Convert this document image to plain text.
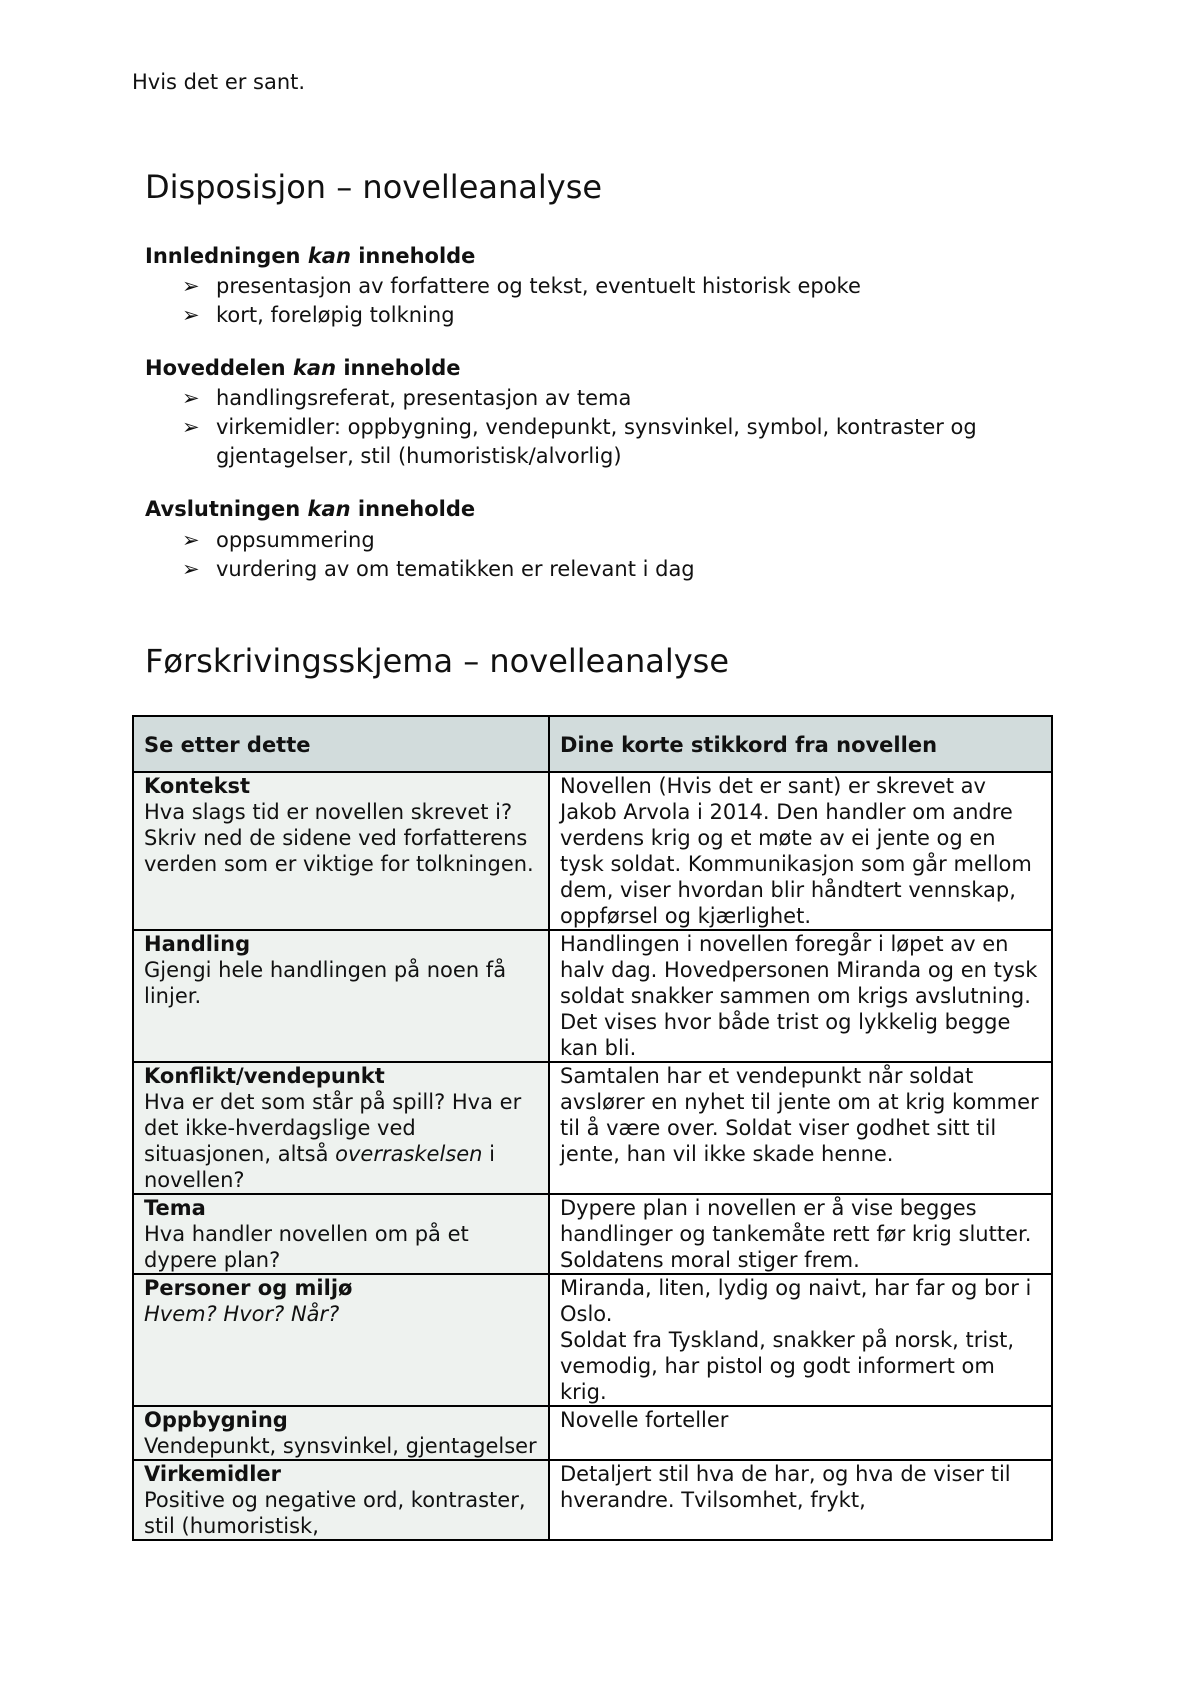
Hvis det er sant.
Disposisjon – novelleanalyse
Innledningen kan inneholde
➢ presentasjon av forfattere og tekst, eventuelt historisk epoke
➢ kort, foreløpig tolkning
Hoveddelen kan inneholde
➢ handlingsreferat, presentasjon av tema
➢ virkemidler: oppbygning, vendepunkt, synsvinkel, symbol, kontraster og gjentagelser, stil (humoristisk/alvorlig)
Avslutningen kan inneholde
➢ oppsummering
➢ vurdering av om tematikken er relevant i dag
Førskrivingsskjema – novelleanalyse
Se etter dette	Dine korte stikkord fra novellen

Kontekst
Hva slags tid er novellen skrevet i? Skriv ned de sidene ved forfatterens verden som er viktige for tolkningen.	Novellen (Hvis det er sant) er skrevet av Jakob Arvola i 2014. Den handler om andre verdens krig og et møte av ei jente og en tysk soldat. Kommunikasjon som går mellom dem, viser hvordan blir håndtert vennskap, oppførsel og kjærlighet.

Handling
Gjengi hele handlingen på noen få linjer.	Handlingen i novellen foregår i løpet av en halv dag. Hovedpersonen Miranda og en tysk soldat snakker sammen om krigs avslutning. Det vises hvor både trist og lykkelig begge kan bli.

Konflikt/vendepunkt
Hva er det som står på spill? Hva er det ikke-hverdagslige ved situasjonen, altså overraskelsen i novellen?	Samtalen har et vendepunkt når soldat avslører en nyhet til jente om at krig kommer til å være over. Soldat viser godhet sitt til jente, han vil ikke skade henne.

Tema
Hva handler novellen om på et dypere plan?	Dypere plan i novellen er å vise begges handlinger og tankemåte rett før krig slutter. Soldatens moral stiger frem.

Personer og miljø
Hvem? Hvor? Når?	Miranda, liten, lydig og naivt, har far og bor i Oslo.
Soldat fra Tyskland, snakker på norsk, trist, vemodig, har pistol og godt informert om krig.

Oppbygning
Vendepunkt, synsvinkel, gjentagelser	Novelle forteller

Virkemidler
Positive og negative ord, kontraster, stil (humoristisk,	Detaljert stil hva de har, og hva de viser til hverandre. Tvilsomhet, frykt,
